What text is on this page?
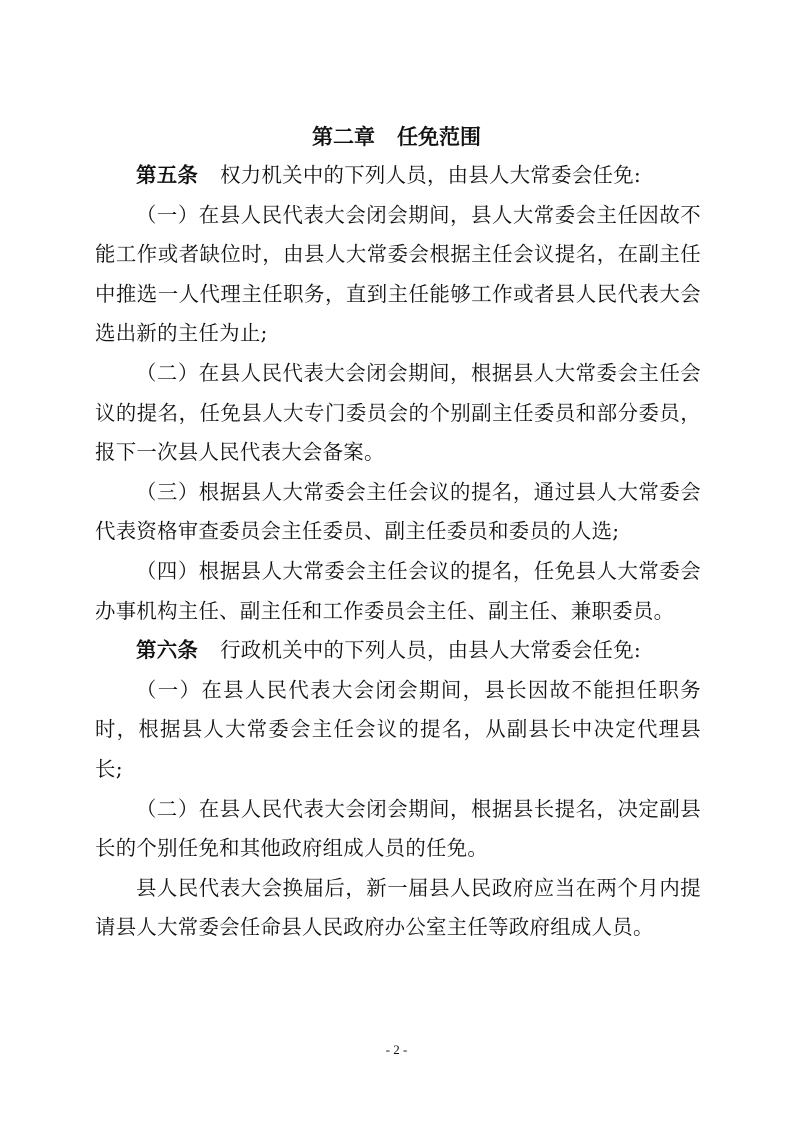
第二章 任免范围

第五条 权力机关中的下列人员，由县人大常委会任免:

（一）在县人民代表大会闭会期间，县人大常委会主任因故不能工作或者缺位时，由县人大常委会根据主任会议提名，在副主任中推选一人代理主任职务，直到主任能够工作或者县人民代表大会选出新的主任为止;

（二）在县人民代表大会闭会期间，根据县人大常委会主任会议的提名，任免县人大专门委员会的个别副主任委员和部分委员，报下一次县人民代表大会备案。

（三）根据县人大常委会主任会议的提名，通过县人大常委会代表资格审查委员会主任委员、副主任委员和委员的人选;

（四）根据县人大常委会主任会议的提名，任免县人大常委会办事机构主任、副主任和工作委员会主任、副主任、兼职委员。

第六条 行政机关中的下列人员，由县人大常委会任免:

（一）在县人民代表大会闭会期间，县长因故不能担任职务时，根据县人大常委会主任会议的提名，从副县长中决定代理县长;

（二）在县人民代表大会闭会期间，根据县长提名，决定副县长的个别任免和其他政府组成人员的任免。

县人民代表大会换届后，新一届县人民政府应当在两个月内提请县人大常委会任命县人民政府办公室主任等政府组成人员。

- 2 -
